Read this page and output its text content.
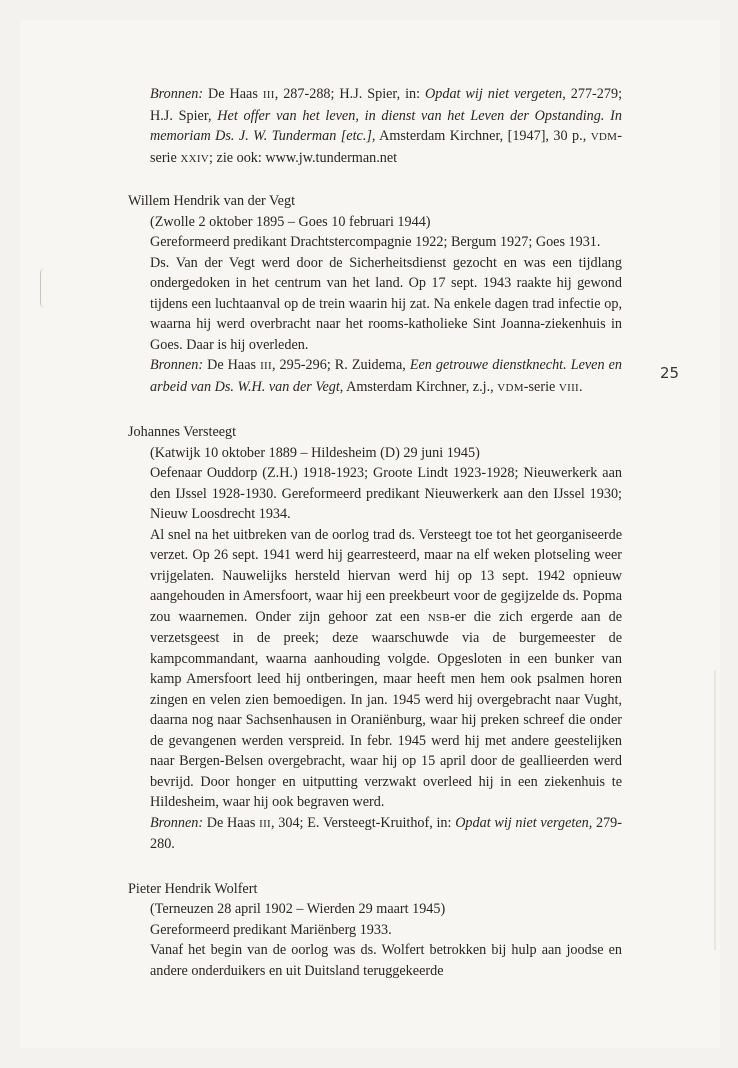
Bronnen: De Haas III, 287-288; H.J. Spier, in: Opdat wij niet vergeten, 277-279; H.J. Spier, Het offer van het leven, in dienst van het Leven der Opstanding. In memoriam Ds. J. W. Tunderman [etc.], Amsterdam Kirchner, [1947], 30 p., VDM-serie XXIV; zie ook: www.jw.tunderman.net

Willem Hendrik van der Vegt

(Zwolle 2 oktober 1895 – Goes 10 februari 1944)

Gereformeerd predikant Drachtstercompagnie 1922; Bergum 1927; Goes 1931.

Ds. Van der Vegt werd door de Sicherheitsdienst gezocht en was een tijdlang ondergedoken in het centrum van het land. Op 17 sept. 1943 raakte hij gewond tijdens een luchtaanval op de trein waarin hij zat. Na enkele dagen trad infectie op, waarna hij werd overbracht naar het rooms-katholieke Sint Joanna-ziekenhuis in Goes. Daar is hij overleden.

Bronnen: De Haas III, 295-296; R. Zuidema, Een getrouwe dienstknecht. Leven en arbeid van Ds. W.H. van der Vegt, Amsterdam Kirchner, z.j., VDM-serie VIII.

Johannes Versteegt

(Katwijk 10 oktober 1889 – Hildesheim (D) 29 juni 1945)

Oefenaar Ouddorp (Z.H.) 1918-1923; Groote Lindt 1923-1928; Nieuwerkerk aan den IJssel 1928-1930. Gereformeerd predikant Nieuwerkerk aan den IJssel 1930; Nieuw Loosdrecht 1934.

Al snel na het uitbreken van de oorlog trad ds. Versteegt toe tot het georganiseerde verzet. Op 26 sept. 1941 werd hij gearresteerd, maar na elf weken plotseling weer vrijgelaten. Nauwelijks hersteld hiervan werd hij op 13 sept. 1942 opnieuw aangehouden in Amersfoort, waar hij een preekbeurt voor de gegijzelde ds. Popma zou waarnemen. Onder zijn gehoor zat een NSB-er die zich ergerde aan de verzetsgeest in de preek; deze waarschuwde via de burgemeester de kampcommandant, waarna aanhouding volgde. Opgesloten in een bunker van kamp Amersfoort leed hij ontberingen, maar heeft men hem ook psalmen horen zingen en velen zien bemoedigen. In jan. 1945 werd hij overgebracht naar Vught, daarna nog naar Sachsenhausen in Oraniënburg, waar hij preken schreef die onder de gevangenen werden verspreid. In febr. 1945 werd hij met andere geestelijken naar Bergen-Belsen overgebracht, waar hij op 15 april door de geallieerden werd bevrijd. Door honger en uitputting verzwakt overleed hij in een ziekenhuis te Hildesheim, waar hij ook begraven werd.

Bronnen: De Haas III, 304; E. Versteegt-Kruithof, in: Opdat wij niet vergeten, 279-280.

Pieter Hendrik Wolfert

(Terneuzen 28 april 1902 – Wierden 29 maart 1945)

Gereformeerd predikant Mariënberg 1933.

Vanaf het begin van de oorlog was ds. Wolfert betrokken bij hulp aan joodse en andere onderduikers en uit Duitsland teruggekeerde

25
